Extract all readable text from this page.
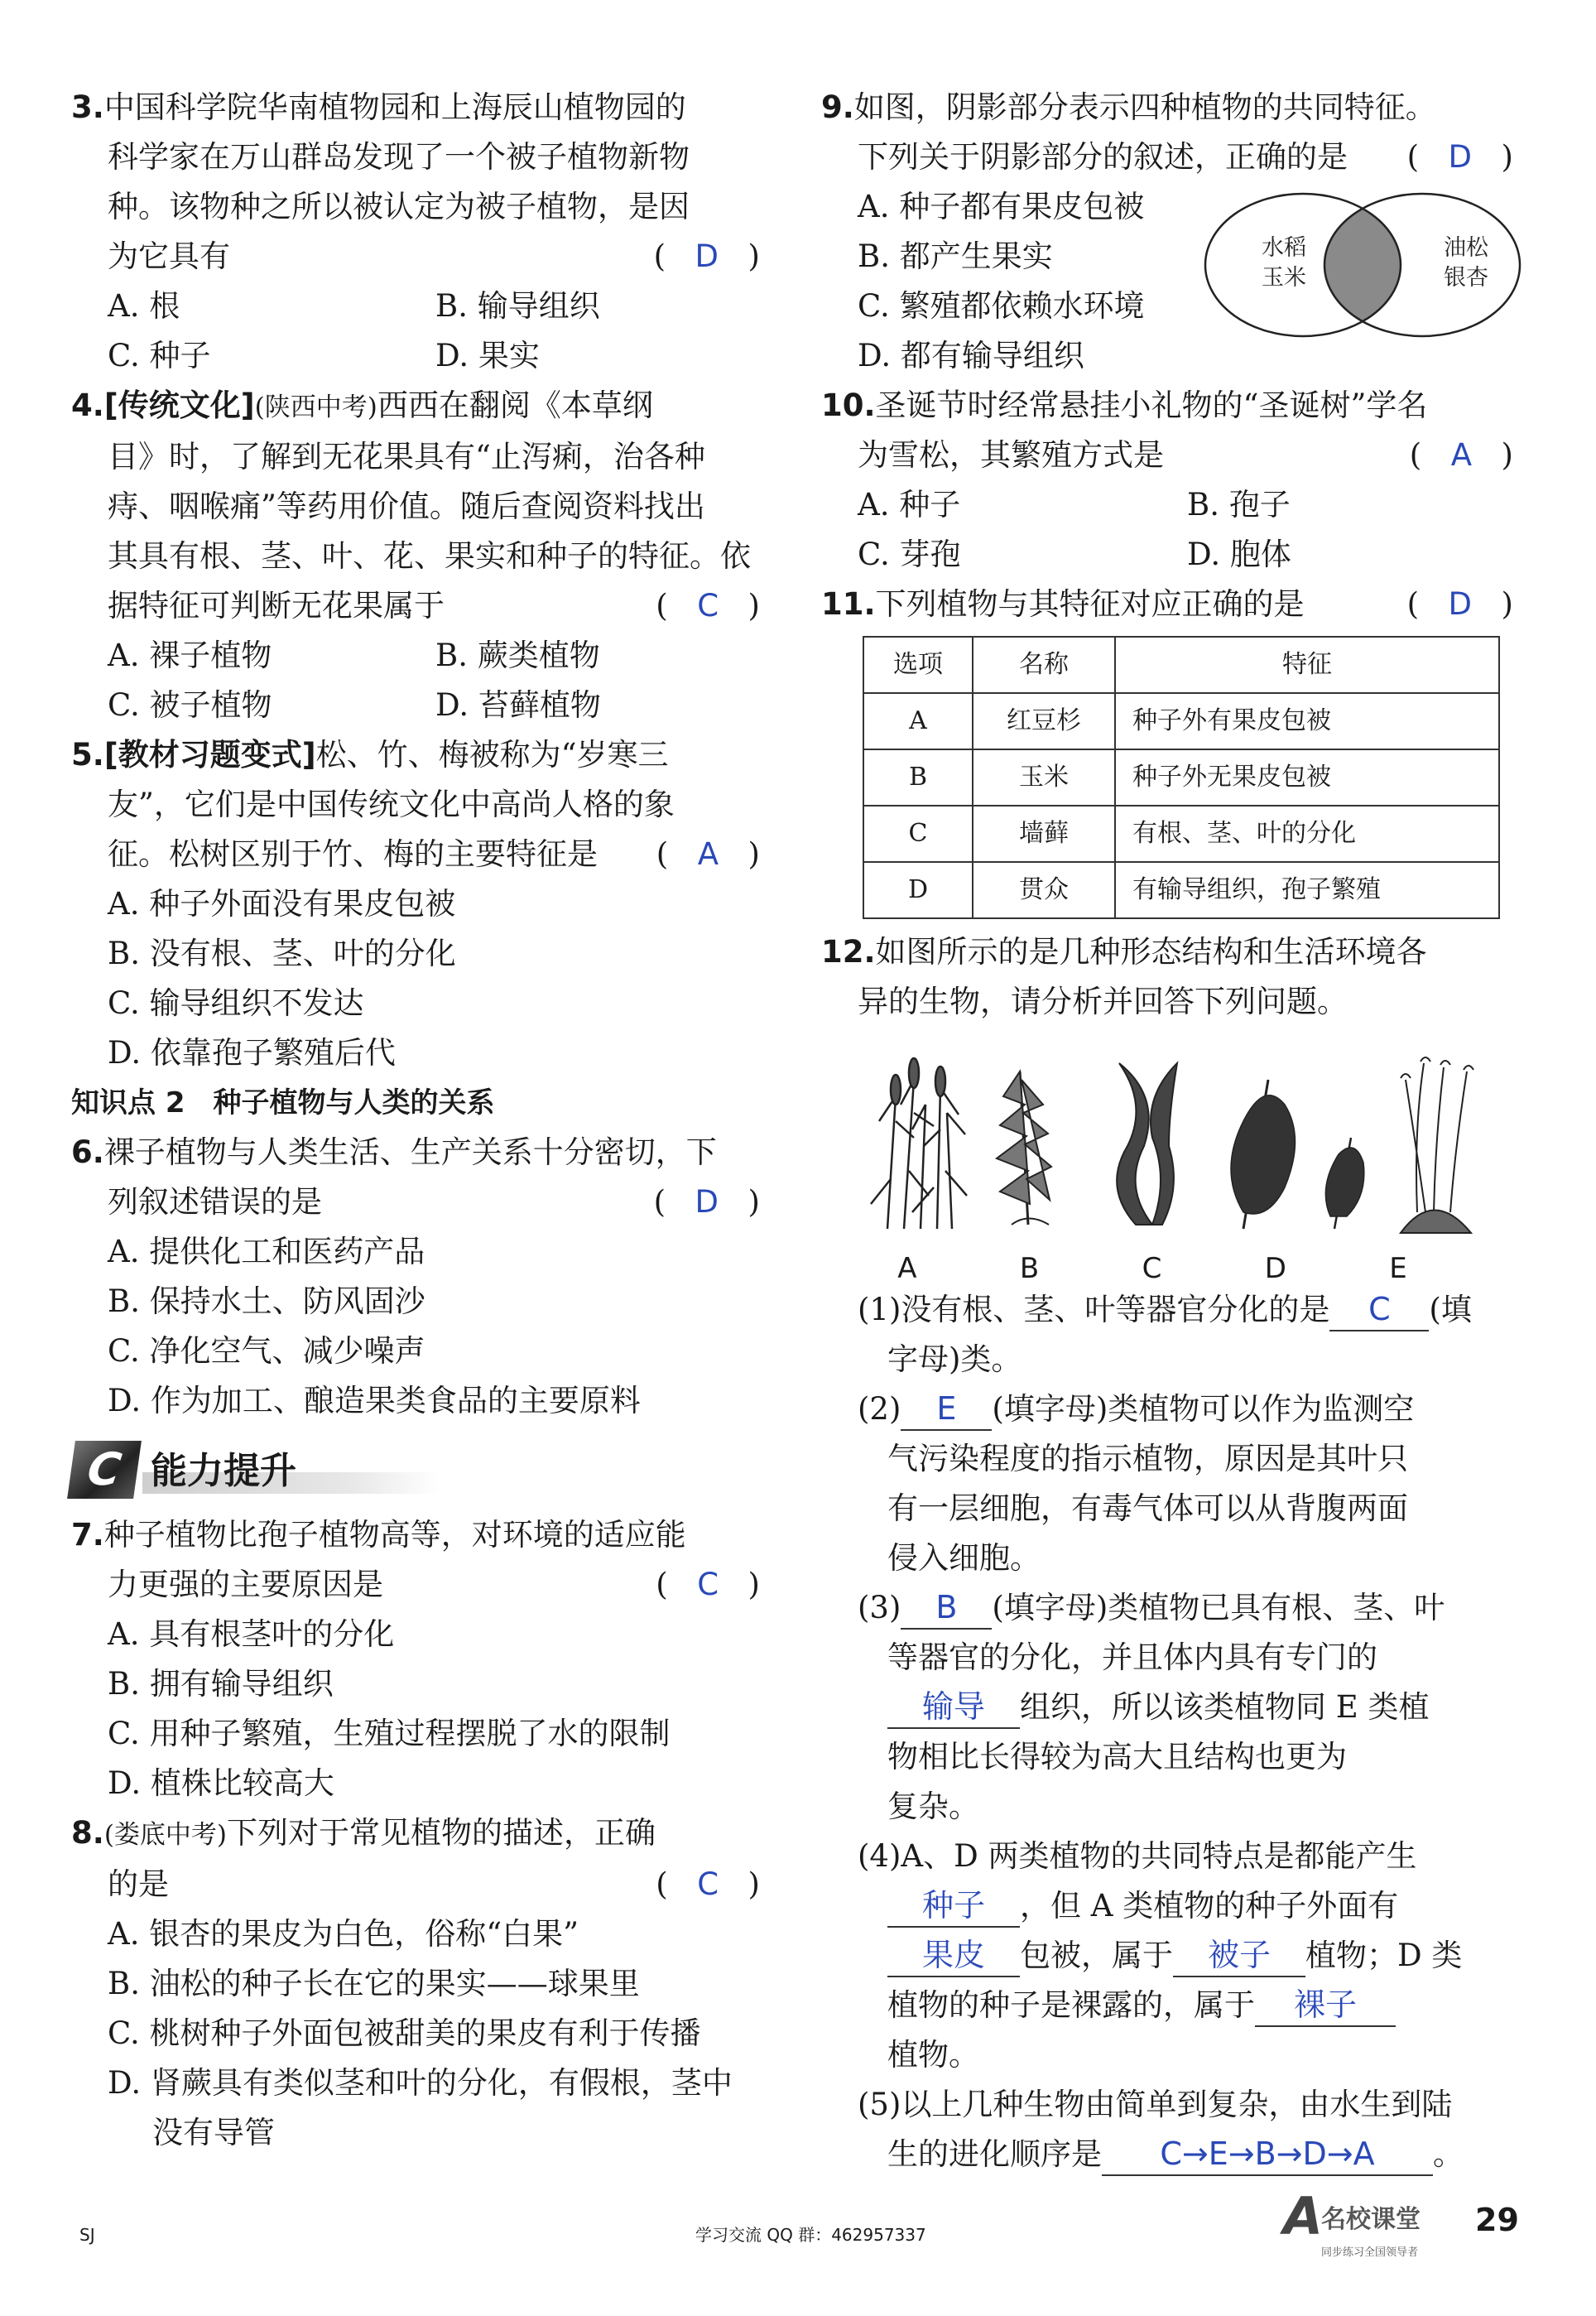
3.中国科学院华南植物园和上海辰山植物园的
科学家在万山群岛发现了一个被子植物新物
种。该物种之所以被认定为被子植物，是因
为它具有	(  D  )
A. 根	B. 输导组织
C. 种子	D. 果实
4.[传统文化](陕西中考)西西在翻阅《本草纲
目》时，了解到无花果具有“止泻痢，治各种
痔、咽喉痛”等药用价值。随后查阅资料找出
其具有根、茎、叶、花、果实和种子的特征。依
据特征可判断无花果属于	(  C  )
A. 裸子植物	B. 蕨类植物
C. 被子植物	D. 苔藓植物
5.[教材习题变式]松、竹、梅被称为“岁寒三
友”，它们是中国传统文化中高尚人格的象
征。松树区别于竹、梅的主要特征是 (  A  )
A. 种子外面没有果皮包被
B. 没有根、茎、叶的分化
C. 输导组织不发达
D. 依靠孢子繁殖后代
知识点 2　种子植物与人类的关系
6.裸子植物与人类生活、生产关系十分密切，下
列叙述错误的是	(  D  )
A. 提供化工和医药产品
B. 保持水土、防风固沙
C. 净化空气、减少噪声
D. 作为加工、酿造果类食品的主要原料
C 能力提升
7.种子植物比孢子植物高等，对环境的适应能
力更强的主要原因是	(  C  )
A. 具有根茎叶的分化
B. 拥有输导组织
C. 用种子繁殖，生殖过程摆脱了水的限制
D. 植株比较高大
8.(娄底中考)下列对于常见植物的描述，正确
的是	(  C  )
A. 银杏的果皮为白色，俗称“白果”
B. 油松的种子长在它的果实——球果里
C. 桃树种子外面包被甜美的果皮有利于传播
D. 肾蕨具有类似茎和叶的分化，有假根，茎中
没有导管
9.如图，阴影部分表示四种植物的共同特征。
下列关于阴影部分的叙述，正确的是 (  D  )
A. 种子都有果皮包被
B. 都产生果实
C. 繁殖都依赖水环境
D. 都有输导组织
水稻
玉米
油松
银杏
10.圣诞节时经常悬挂小礼物的“圣诞树”学名
为雪松，其繁殖方式是	(  A  )
A. 种子	B. 孢子
C. 芽孢	D. 胞体
11.下列植物与其特征对应正确的是	(  D  )
选项	名称	特征
A	红豆杉	种子外有果皮包被
B	玉米	种子外无果皮包被
C	墙藓	有根、茎、叶的分化
D	贯众	有输导组织，孢子繁殖
12.如图所示的是几种形态结构和生活环境各
异的生物，请分析并回答下列问题。
A	B	C	D	E
(1)没有根、茎、叶等器官分化的是 C (填
字母)类。
(2) E (填字母)类植物可以作为监测空
气污染程度的指示植物，原因是其叶只
有一层细胞，有毒气体可以从背腹两面
侵入细胞。
(3) B (填字母)类植物已具有根、茎、叶
等器官的分化，并且体内具有专门的
输导 组织，所以该类植物同 E 类植
物相比长得较为高大且结构也更为
复杂。
(4)A、D 两类植物的共同特点是都能产生
种子 ，但 A 类植物的种子外面有
果皮 包被，属于 被子 植物；D 类
植物的种子是裸露的，属于 裸子
植物。
(5)以上几种生物由简单到复杂，由水生到陆
生的进化顺序是 C→E→B→D→A 。
SJ	学习交流 QQ 群：462957337	A
名校课堂
同步练习全国领导者
29
